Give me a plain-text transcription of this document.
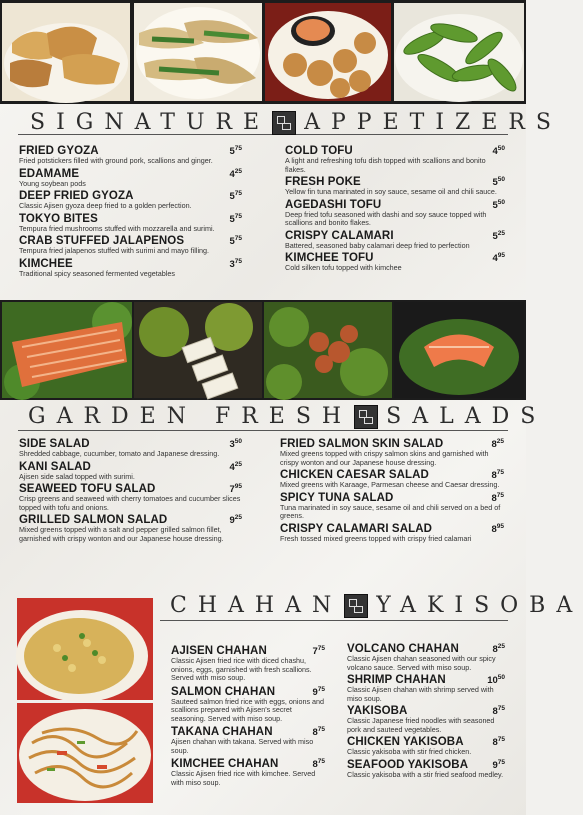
SIGNATURE APPETIZERS
FRIED GYOZA	$5^{75}$
Fried potstickers filled with ground pork, scallions and ginger.
EDAMAME	$4^{25}$
Young soybean pods
DEEP FRIED GYOZA	$5^{75}$
Classic Ajisen gyoza deep fried to a golden perfection.
TOKYO BITES	$5^{75}$
Tempura fried mushrooms stuffed with mozzarella and surimi.
CRAB STUFFED JALAPENOS	$5^{75}$
Tempura fried jalapenos stuffed with surimi and mayo filling.
KIMCHEE	$3^{75}$
Traditional spicy seasoned fermented vegetables
COLD TOFU	$4^{50}$
A light and refreshing tofu dish topped with scallions and bonito flakes.
FRESH POKE	$5^{50}$
Yellow fin tuna marinated in soy sauce, sesame oil and chili sauce.
AGEDASHI TOFU	$5^{50}$
Deep fried tofu seasoned with dashi and soy sauce topped with scallions and bonito flakes.
CRISPY CALAMARI	$5^{25}$
Battered, seasoned baby calamari deep fried to perfection
KIMCHEE TOFU	$4^{95}$
Cold silken tofu topped with kimchee
GARDEN FRESH SALADS
SIDE SALAD	$3^{50}$
Shredded cabbage, cucumber, tomato and Japanese dressing.
KANI SALAD	$4^{25}$
Ajisen side salad topped with surimi.
SEAWEED TOFU SALAD	$7^{95}$
Crisp greens and seaweed with cherry tomatoes and cucumber slices topped with tofu and onions.
GRILLED SALMON SALAD	$9^{25}$
Mixed greens topped with a salt and pepper grilled salmon fillet, garnished with crispy wonton and our Japanese house dressing.
FRIED SALMON SKIN SALAD	$8^{25}$
Mixed greens topped with crispy salmon skins and garnished with crispy wonton and our Japanese house dressing.
CHICKEN CAESAR SALAD	$8^{75}$
Mixed greens with Karaage, Parmesan cheese and Caesar dressing.
SPICY TUNA SALAD	$8^{75}$
Tuna marinated in soy sauce, sesame oil and chili served on a bed of greens.
CRISPY CALAMARI SALAD	$8^{95}$
Fresh tossed mixed greens topped with crispy fried calamari
CHAHAN YAKISOBA
AJISEN CHAHAN	$7^{75}$
Classic Ajisen fried rice with diced chashu, onions, eggs, garnished with fresh scallions. Served with miso soup.
SALMON CHAHAN	$9^{75}$
Sauteed salmon fried rice with eggs, onions and scallions prepared with Ajisen's secret seasoning. Served with miso soup.
TAKANA CHAHAN	$8^{75}$
Ajisen chahan with takana. Served with miso soup.
KIMCHEE CHAHAN	$8^{75}$
Classic Ajisen fried rice with kimchee. Served with miso soup.
VOLCANO CHAHAN	$8^{25}$
Classic Ajisen chahan seasoned with our spicy volcano sauce. Served with miso soup.
SHRIMP CHAHAN	$10^{50}$
Classic Ajisen chahan with shrimp served with miso soup.
YAKISOBA	$8^{75}$
Classic Japanese fried noodles with seasoned pork and sauteed vegetables.
CHICKEN YAKISOBA	$8^{75}$
Classic yakisoba with stir fried chicken.
SEAFOOD YAKISOBA	$9^{75}$
Classic yakisoba with a stir fried seafood medley.
